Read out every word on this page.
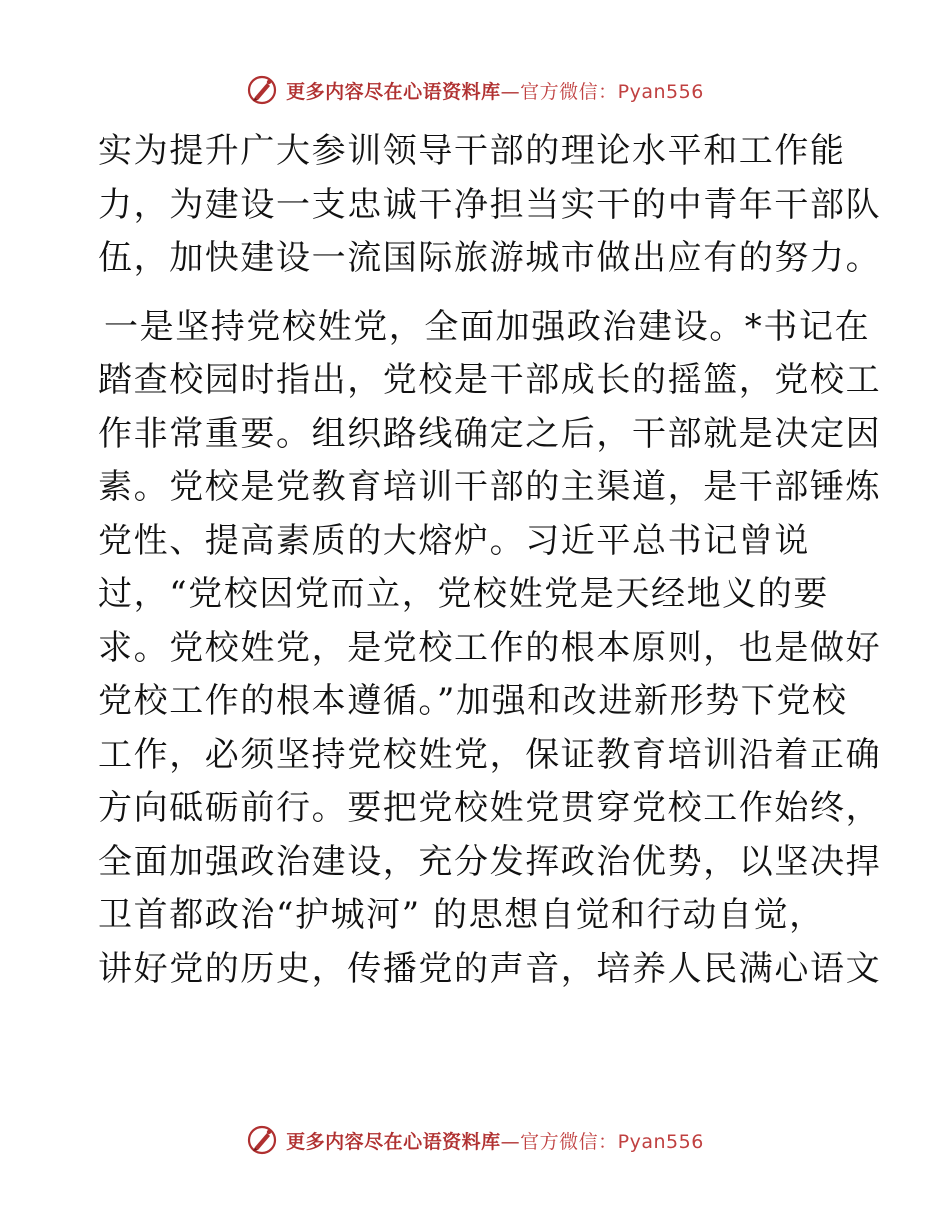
更多内容尽在心语资料库—官方微信：Pyan556
实为提升广大参训领导干部的理论水平和工作能
力，为建设一支忠诚干净担当实干的中青年干部队
伍，加快建设一流国际旅游城市做出应有的努力。
一是坚持党校姓党，全面加强政治建设。*书记在
踏查校园时指出，党校是干部成长的摇篮，党校工
作非常重要。组织路线确定之后，干部就是决定因
素。党校是党教育培训干部的主渠道，是干部锤炼
党性、提高素质的大熔炉。习近平总书记曾说
过，“党校因党而立，党校姓党是天经地义的要
求。党校姓党，是党校工作的根本原则，也是做好
党校工作的根本遵循。”加强和改进新形势下党校
工作，必须坚持党校姓党，保证教育培训沿着正确
方向砥砺前行。要把党校姓党贯穿党校工作始终，
全面加强政治建设，充分发挥政治优势，以坚决捍
卫首都政治“护城河” 的思想自觉和行动自觉，
讲好党的历史，传播党的声音，培养人民满心语文
更多内容尽在心语资料库—官方微信：Pyan556
